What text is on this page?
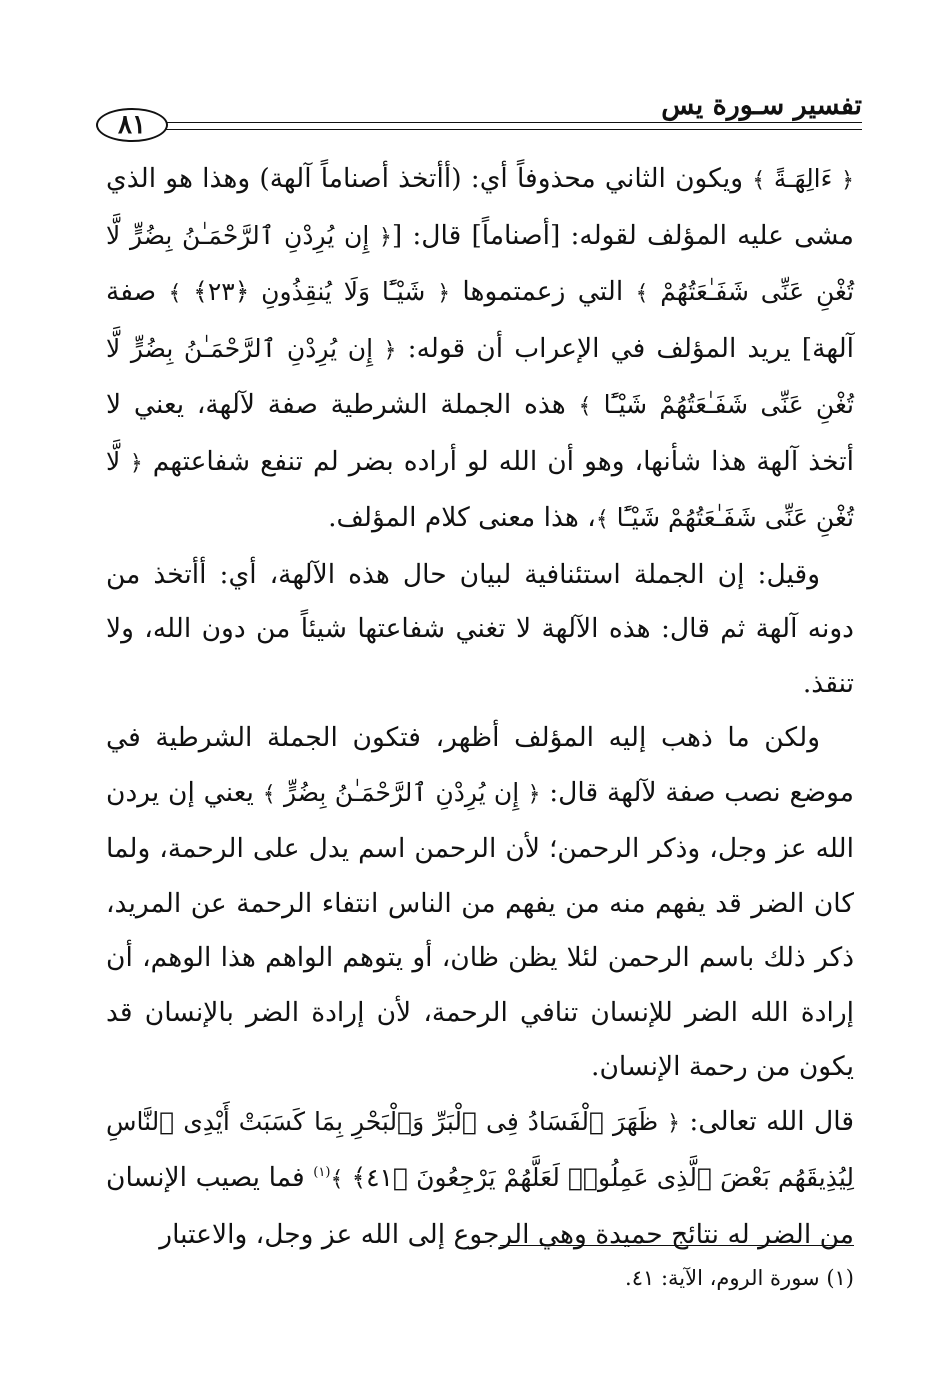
تفسير سـورة يس
٨١

﴿ ءَالِهَـةً ﴾ ويكون الثاني محذوفاً أي: (أأتخذ أصناماً آلهة) وهذا هو الذي مشى عليه المؤلف لقوله: [أصناماً] قال: [﴿ إِن يُرِدْنِ ٱلرَّحْمَـٰنُ بِضُرٍّ لَّا تُغْنِ عَنِّى شَفَـٰعَتُهُمْ ﴾ التي زعمتموها ﴿ شَيْـًٔا وَلَا يُنقِذُونِ ﴿٢٣﴾ ﴾ صفة آلهة] يريد المؤلف في الإعراب أن قوله: ﴿ إِن يُرِدْنِ ٱلرَّحْمَـٰنُ بِضُرٍّ لَّا تُغْنِ عَنِّى شَفَـٰعَتُهُمْ شَيْـًٔا ﴾ هذه الجملة الشرطية صفة لآلهة، يعني لا أتخذ آلهة هذا شأنها، وهو أن الله لو أراده بضر لم تنفع شفاعتهم ﴿ لَّا تُغْنِ عَنِّى شَفَـٰعَتُهُمْ شَيْـًٔا ﴾، هذا معنى كلام المؤلف.

وقيل: إن الجملة استئنافية لبيان حال هذه الآلهة، أي: أأتخذ من دونه آلهة ثم قال: هذه الآلهة لا تغني شفاعتها شيئاً من دون الله، ولا تنقذ.

ولكن ما ذهب إليه المؤلف أظهر، فتكون الجملة الشرطية في موضع نصب صفة لآلهة قال: ﴿ إِن يُرِدْنِ ٱلرَّحْمَـٰنُ بِضُرٍّ ﴾ يعني إن يردن الله عز وجل، وذكر الرحمن؛ لأن الرحمن اسم يدل على الرحمة، ولما كان الضر قد يفهم منه من يفهم من الناس انتفاء الرحمة عن المريد، ذكر ذلك باسم الرحمن لئلا يظن ظان، أو يتوهم الواهم هذا الوهم، أن إرادة الله الضر للإنسان تنافي الرحمة، لأن إرادة الضر بالإنسان قد يكون من رحمة الإنسان.

قال الله تعالى: ﴿ ظَهَرَ ٱلْفَسَادُ فِى ٱلْبَرِّ وَٱلْبَحْرِ بِمَا كَسَبَتْ أَيْدِى ٱلنَّاسِ لِيُذِيقَهُم بَعْضَ ٱلَّذِى عَمِلُوا۟ لَعَلَّهُمْ يَرْجِعُونَ ﴿٤١﴾ ﴾$^{(١)}$ فما يصيب الإنسان من الضر له نتائج حميدة وهي الرجوع إلى الله عز وجل، والاعتبار

(١) سورة الروم، الآية: ٤١.
